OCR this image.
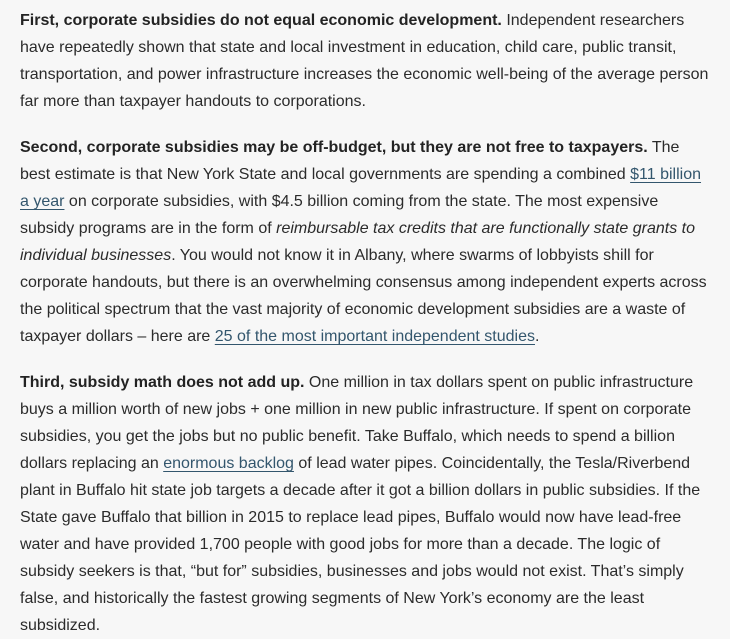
First, corporate subsidies do not equal economic development. Independent researchers have repeatedly shown that state and local investment in education, child care, public transit, transportation, and power infrastructure increases the economic well-being of the average person far more than taxpayer handouts to corporations.

Second, corporate subsidies may be off-budget, but they are not free to taxpayers. The best estimate is that New York State and local governments are spending a combined $11 billion a year on corporate subsidies, with $4.5 billion coming from the state. The most expensive subsidy programs are in the form of reimbursable tax credits that are functionally state grants to individual businesses. You would not know it in Albany, where swarms of lobbyists shill for corporate handouts, but there is an overwhelming consensus among independent experts across the political spectrum that the vast majority of economic development subsidies are a waste of taxpayer dollars – here are 25 of the most important independent studies.

Third, subsidy math does not add up. One million in tax dollars spent on public infrastructure buys a million worth of new jobs + one million in new public infrastructure. If spent on corporate subsidies, you get the jobs but no public benefit. Take Buffalo, which needs to spend a billion dollars replacing an enormous backlog of lead water pipes. Coincidentally, the Tesla/Riverbend plant in Buffalo hit state job targets a decade after it got a billion dollars in public subsidies. If the State gave Buffalo that billion in 2015 to replace lead pipes, Buffalo would now have lead-free water and have provided 1,700 people with good jobs for more than a decade. The logic of subsidy seekers is that, “but for” subsidies, businesses and jobs would not exist. That’s simply false, and historically the fastest growing segments of New York’s economy are the least subsidized.
